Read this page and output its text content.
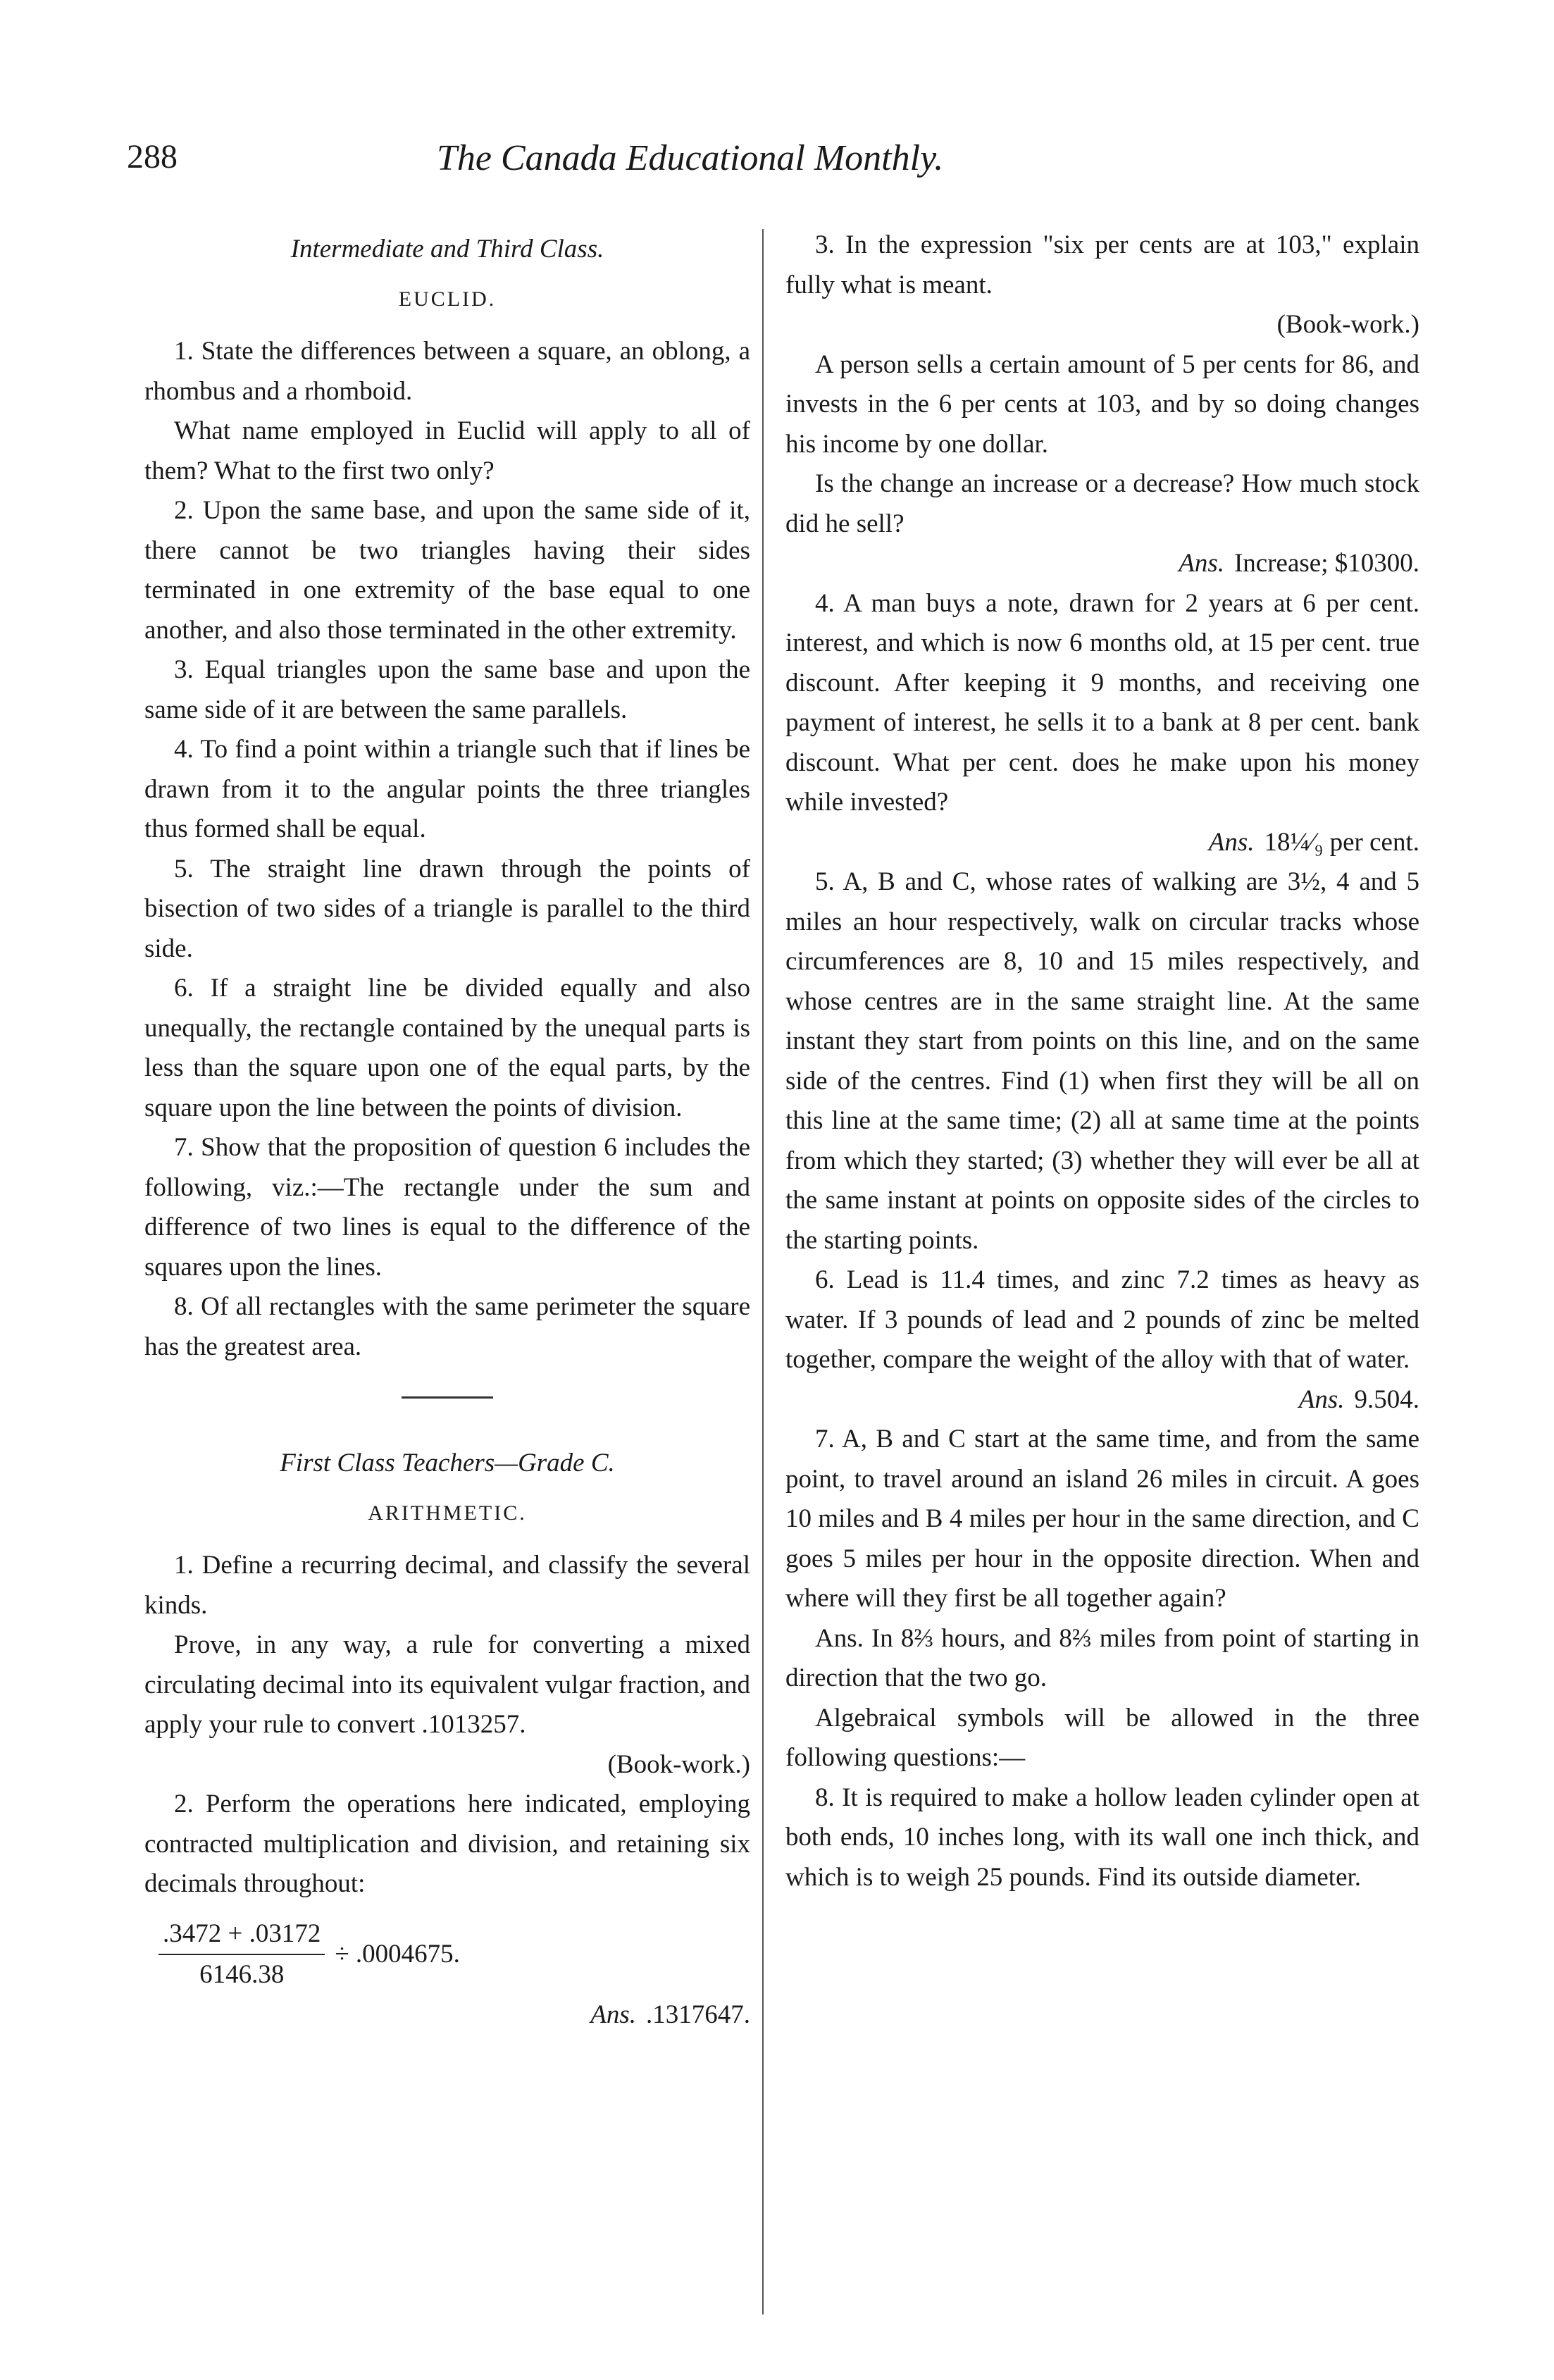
288	The Canada Educational Monthly.

Intermediate and Third Class.

EUCLID.

1. State the differences between a square, an oblong, a rhombus and a rhomboid.

What name employed in Euclid will apply to all of them? What to the first two only?

2. Upon the same base, and upon the same side of it, there cannot be two triangles having their sides terminated in one extremity of the base equal to one another, and also those terminated in the other extremity.

3. Equal triangles upon the same base and upon the same side of it are between the same parallels.

4. To find a point within a triangle such that if lines be drawn from it to the angular points the three triangles thus formed shall be equal.

5. The straight line drawn through the points of bisection of two sides of a triangle is parallel to the third side.

6. If a straight line be divided equally and also unequally, the rectangle contained by the unequal parts is less than the square upon one of the equal parts, by the square upon the line between the points of division.

7. Show that the proposition of question 6 includes the following, viz.:—The rectangle under the sum and difference of two lines is equal to the difference of the squares upon the lines.

8. Of all rectangles with the same perimeter the square has the greatest area.

First Class Teachers—Grade C.

ARITHMETIC.

1. Define a recurring decimal, and classify the several kinds.

Prove, in any way, a rule for converting a mixed circulating decimal into its equivalent vulgar fraction, and apply your rule to convert .1013257.

(Book-work.)

2. Perform the operations here indicated, employing contracted multiplication and division, and retaining six decimals throughout:

$\frac{.3472 + .03172}{6146.38} \div .0004675$.

Ans. .1317647.

3. In the expression "six per cents are at 103," explain fully what is meant.

(Book-work.)

A person sells a certain amount of 5 per cents for 86, and invests in the 6 per cents at 103, and by so doing changes his income by one dollar.

Is the change an increase or a decrease? How much stock did he sell?

Ans. Increase; $10300.

4. A man buys a note, drawn for 2 years at 6 per cent. interest, and which is now 6 months old, at 15 per cent. true discount. After keeping it 9 months, and receiving one payment of interest, he sells it to a bank at 8 per cent. bank discount. What per cent. does he make upon his money while invested?

Ans. 18¼⁄₉ per cent.

5. A, B and C, whose rates of walking are 3½, 4 and 5 miles an hour respectively, walk on circular tracks whose circumferences are 8, 10 and 15 miles respectively, and whose centres are in the same straight line. At the same instant they start from points on this line, and on the same side of the centres. Find (1) when first they will be all on this line at the same time; (2) all at same time at the points from which they started; (3) whether they will ever be all at the same instant at points on opposite sides of the circles to the starting points.

6. Lead is 11.4 times, and zinc 7.2 times as heavy as water. If 3 pounds of lead and 2 pounds of zinc be melted together, compare the weight of the alloy with that of water.

Ans. 9.504.

7. A, B and C start at the same time, and from the same point, to travel around an island 26 miles in circuit. A goes 10 miles and B 4 miles per hour in the same direction, and C goes 5 miles per hour in the opposite direction. When and where will they first be all together again?

Ans. In 8⅔ hours, and 8⅔ miles from point of starting in direction that the two go.

Algebraical symbols will be allowed in the three following questions:—

8. It is required to make a hollow leaden cylinder open at both ends, 10 inches long, with its wall one inch thick, and which is to weigh 25 pounds. Find its outside diameter.
